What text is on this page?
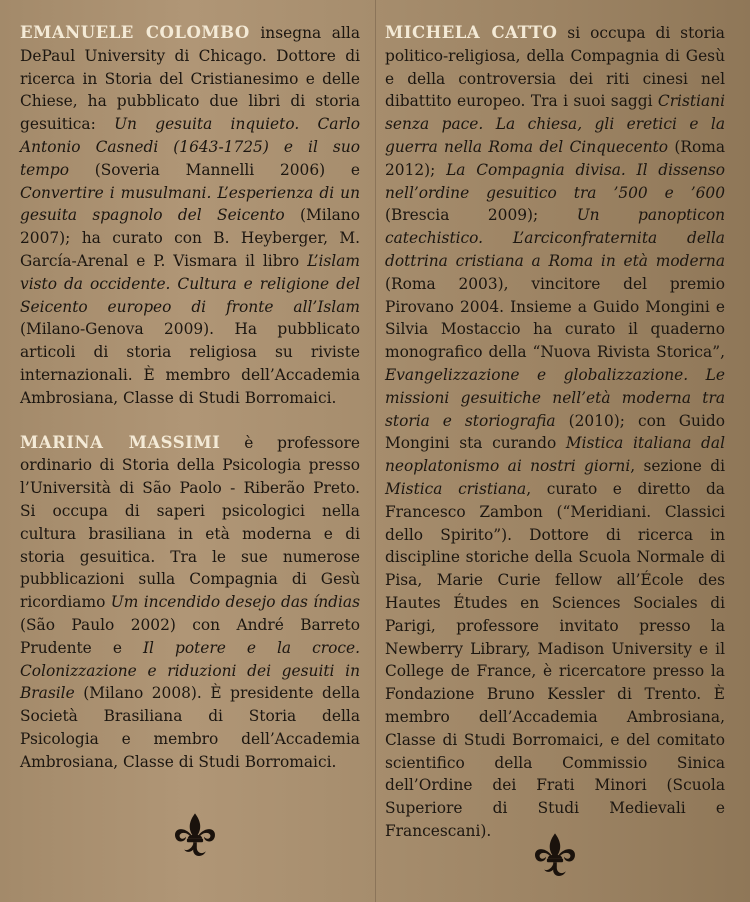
EMANUELE COLOMBO insegna alla DePaul University di Chicago. Dottore di ricerca in Storia del Cristianesimo e delle Chiese, ha pubblicato due libri di storia gesuitica: Un gesuita inquieto. Carlo Antonio Casnedi (1643-1725) e il suo tempo (Soveria Mannelli 2006) e Convertire i musulmani. L’esperienza di un gesuita spagnolo del Seicento (Milano 2007); ha curato con B. Heyberger, M. García-Arenal e P. Vismara il libro L’islam visto da occidente. Cultura e religione del Seicento europeo di fronte all’Islam (Milano-Genova 2009). Ha pubblicato articoli di storia religiosa su riviste internazionali. È membro dell’Accademia Ambrosiana, Classe di Studi Borromaici.

MARINA MASSIMI è professore ordinario di Storia della Psicologia presso l’Università di São Paolo - Riberão Preto. Si occupa di saperi psicologici nella cultura brasiliana in età moderna e di storia gesuitica. Tra le sue numerose pubblicazioni sulla Compagnia di Gesù ricordiamo Um incendido desejo das índias (São Paulo 2002) con André Barreto Prudente e Il potere e la croce. Colonizzazione e riduzioni dei gesuiti in Brasile (Milano 2008). È presidente della Società Brasiliana di Storia della Psicologia e membro dell’Accademia Ambrosiana, Classe di Studi Borromaici.

MICHELA CATTO si occupa di storia politico-religiosa, della Compagnia di Gesù e della controversia dei riti cinesi nel dibattito europeo. Tra i suoi saggi Cristiani senza pace. La chiesa, gli eretici e la guerra nella Roma del Cinquecento (Roma 2012); La Compagnia divisa. Il dissenso nell’ordine gesuitico tra ’500 e ’600 (Brescia 2009); Un panopticon catechistico. L’arciconfraternita della dottrina cristiana a Roma in età moderna (Roma 2003), vincitore del premio Pirovano 2004. Insieme a Guido Mongini e Silvia Mostaccio ha curato il quaderno monografico della “Nuova Rivista Storica”, Evangelizzazione e globalizzazione. Le missioni gesuitiche nell’età moderna tra storia e storiografia (2010); con Guido Mongini sta curando Mistica italiana dal neoplatonismo ai nostri giorni, sezione di Mistica cristiana, curato e diretto da Francesco Zambon (“Meridiani. Classici dello Spirito”). Dottore di ricerca in discipline storiche della Scuola Normale di Pisa, Marie Curie fellow all’École des Hautes Études en Sciences Sociales di Parigi, professore invitato presso la Newberry Library, Madison University e il College de France, è ricercatore presso la Fondazione Bruno Kessler di Trento. È membro dell’Accademia Ambrosiana, Classe di Studi Borromaici, e del comitato scientifico della Commissio Sinica dell’Ordine dei Frati Minori (Scuola Superiore di Studi Medievali e Francescani).
